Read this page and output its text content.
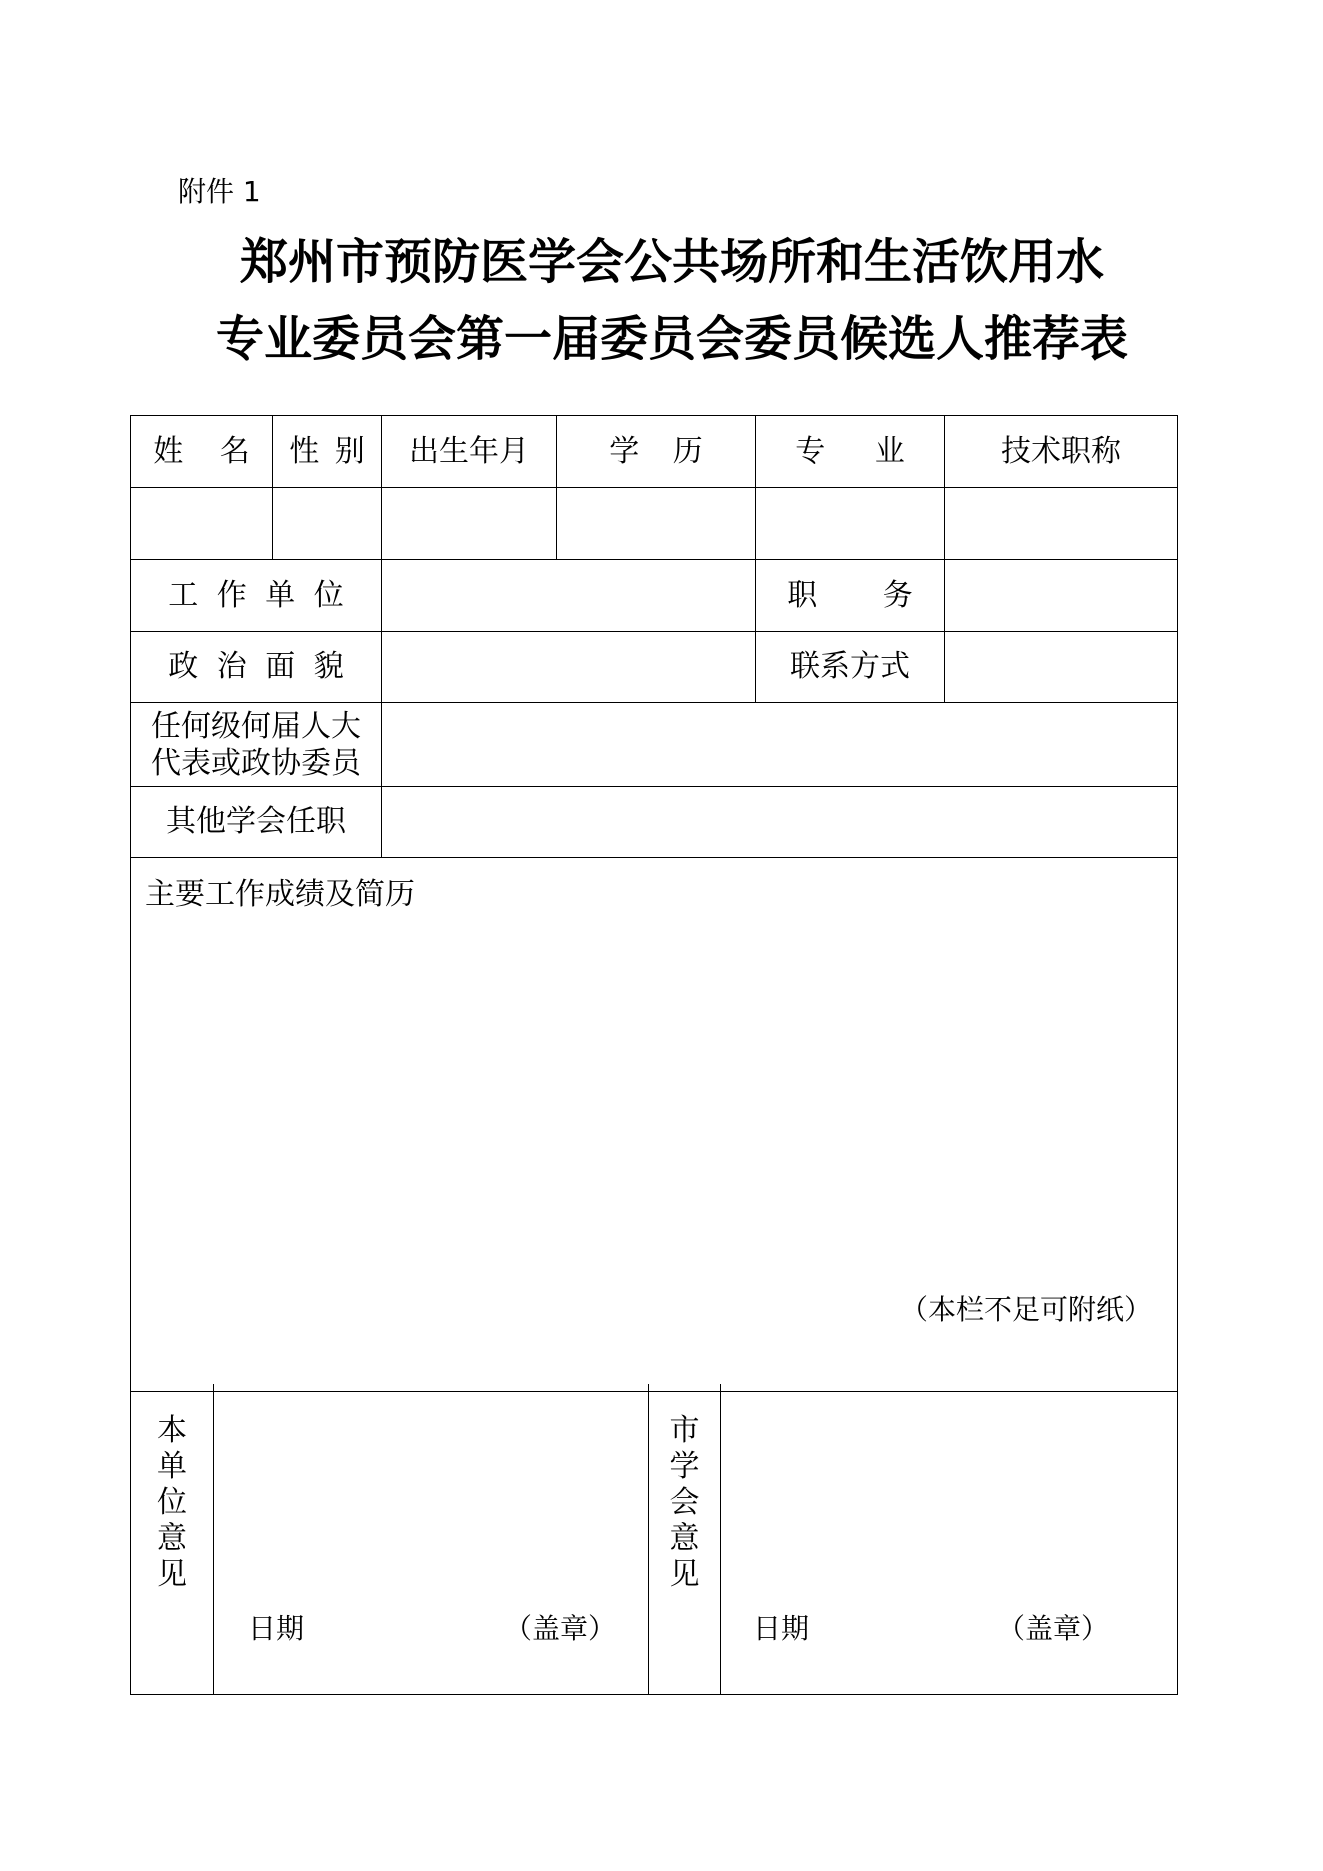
附件 1
郑州市预防医学会公共场所和生活饮用水
专业委员会第一届委员会委员候选人推荐表
姓 名	性 别	出生年月	学 历	专 业	技术职称

工 作 单 位				职 务	
政 治 面 貌				联系方式	

任何级何届人大
代表或政协委员					

其他学会任职					

主要工作成绩及简历
（本栏不足可附纸）					
本单位意见

日期	（盖章）

市学会意见

日期	（盖章）
